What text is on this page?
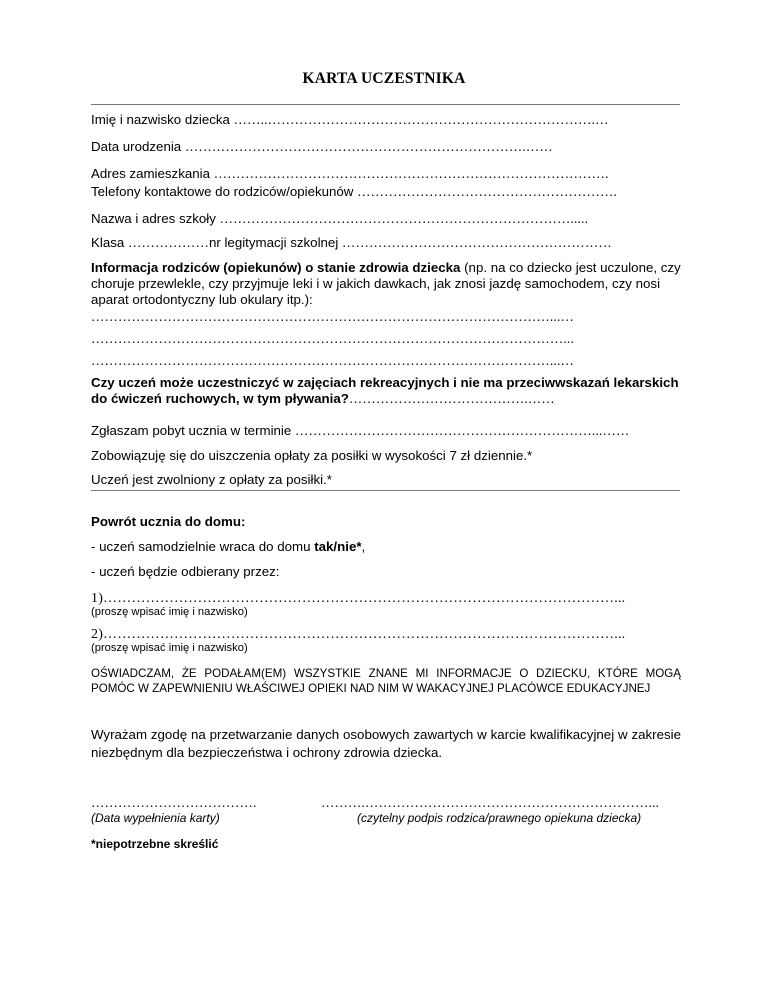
KARTA UCZESTNIKA
Imię i nazwisko dziecka ……..……………………………………………………………….…
Data urodzenia ………………………………………………………………….……
Adres zamieszkania …………………………………………………………………………….
Telefony kontaktowe do rodziców/opiekunów ………………………………………………….
Nazwa i adres szkoły …………………………………………………………………….....
Klasa ………………nr legitymacji szkolnej ……………………………………………………
Informacja rodziców (opiekunów) o stanie zdrowia dziecka (np. na co dziecko jest uczulone, czy choruje przewlekle, czy przyjmuje leki i w jakich dawkach, jak znosi jazdę samochodem, czy nosi aparat ortodontyczny lub okulary itp.):
…………………………………………………………………………………………...…
……………………………………………………………………………………………...
…………………………………………………………………………………………...…
Czy uczeń może uczestniczyć w zajęciach rekreacyjnych i nie ma przeciwwskazań lekarskich do ćwiczeń ruchowych, w tym pływania?………………………………….……
Zgłaszam pobyt ucznia w terminie …………………………………………………………...……
Zobowiązuję się do uiszczenia opłaty za posiłki w wysokości 7 zł dziennie.*
Uczeń jest zwolniony z opłaty za posiłki.*
Powrót ucznia do domu:
- uczeń samodzielnie wraca do domu tak/nie*,
- uczeń będzie odbierany przez:
1)………………………………………………………………………………………………...
(proszę wpisać imię i nazwisko)
2)………………………………………………………………………………………………...
(proszę wpisać imię i nazwisko)
OŚWIADCZAM, ŻE PODAŁAM(EM) WSZYSTKIE ZNANE MI INFORMACJE O DZIECKU, KTÓRE MOGĄ POMÓC W ZAPEWNIENIU WŁAŚCIWEJ OPIEKI NAD NIM W WAKACYJNEJ PLACÓWCE EDUKACYJNEJ
Wyrażam zgodę na przetwarzanie danych osobowych zawartych w karcie kwalifikacyjnej w zakresie niezbędnym dla bezpieczeństwa i ochrony zdrowia dziecka.
……………………………….
(Data wypełnienia karty)
……….………………………………………………………...
(czytelny podpis rodzica/prawnego opiekuna dziecka)
*niepotrzebne skreślić
